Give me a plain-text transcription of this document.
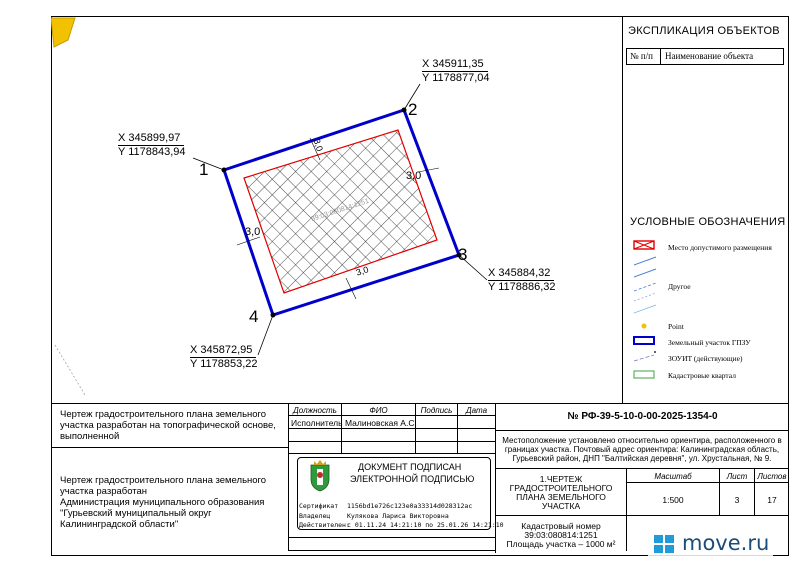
1
2
3
4
X 345899,97
Y 1178843,94
X 345911,35
Y 1178877,04
X 345884,32
Y 1178886,32
X 345872,95
Y 1178853,22
3,0
3,0
3,0
3,0
39:03:080814:1251
ЭКСПЛИКАЦИЯ ОБЪЕКТОВ
№ п/п Наименование объекта
УСЛОВНЫЕ ОБОЗНАЧЕНИЯ
Место допустимого размещения
Другое
Point
Земельный участок ГПЗУ
ЗОУИТ (действующие)
Кадастровые квартал
Чертеж градостроительного плана земельного участка разработан на топографической основе, выполненной
Чертеж градостроительного плана земельного участка разработан
Администрация муниципального образования "Гурьевский муниципальный округ Калининградской области"
Должность	ФИО	Подпись	Дата
Исполнитель Малиновская А.С.
ДОКУМЕНТ ПОДПИСАН
ЭЛЕКТРОННОЙ ПОДПИСЬЮ
Сертификат 1156bd1e726c123e0a33314d028312ac
Владелец	Кулякова Лариса Викторовна
Действителен:
с 01.11.24 14:21:10 по 25.01.26 14:21:10
№ РФ-39-5-10-0-00-2025-1354-0
Местоположение установлено относительно ориентира, расположенного в границах участка. Почтовый адрес ориентира: Калининградская область, Гурьевский район, ДНП "Балтийская деревня", ул. Хрустальная, № 9.
1.ЧЕРТЕЖ ГРАДОСТРОИТЕЛЬНОГО ПЛАНА ЗЕМЕЛЬНОГО УЧАСТКА
Масштаб	Лист	Листов
1:500	3	17
Кадастровый номер
39:03:080814:1251
Площадь участка – 1000 м²	move.ru
